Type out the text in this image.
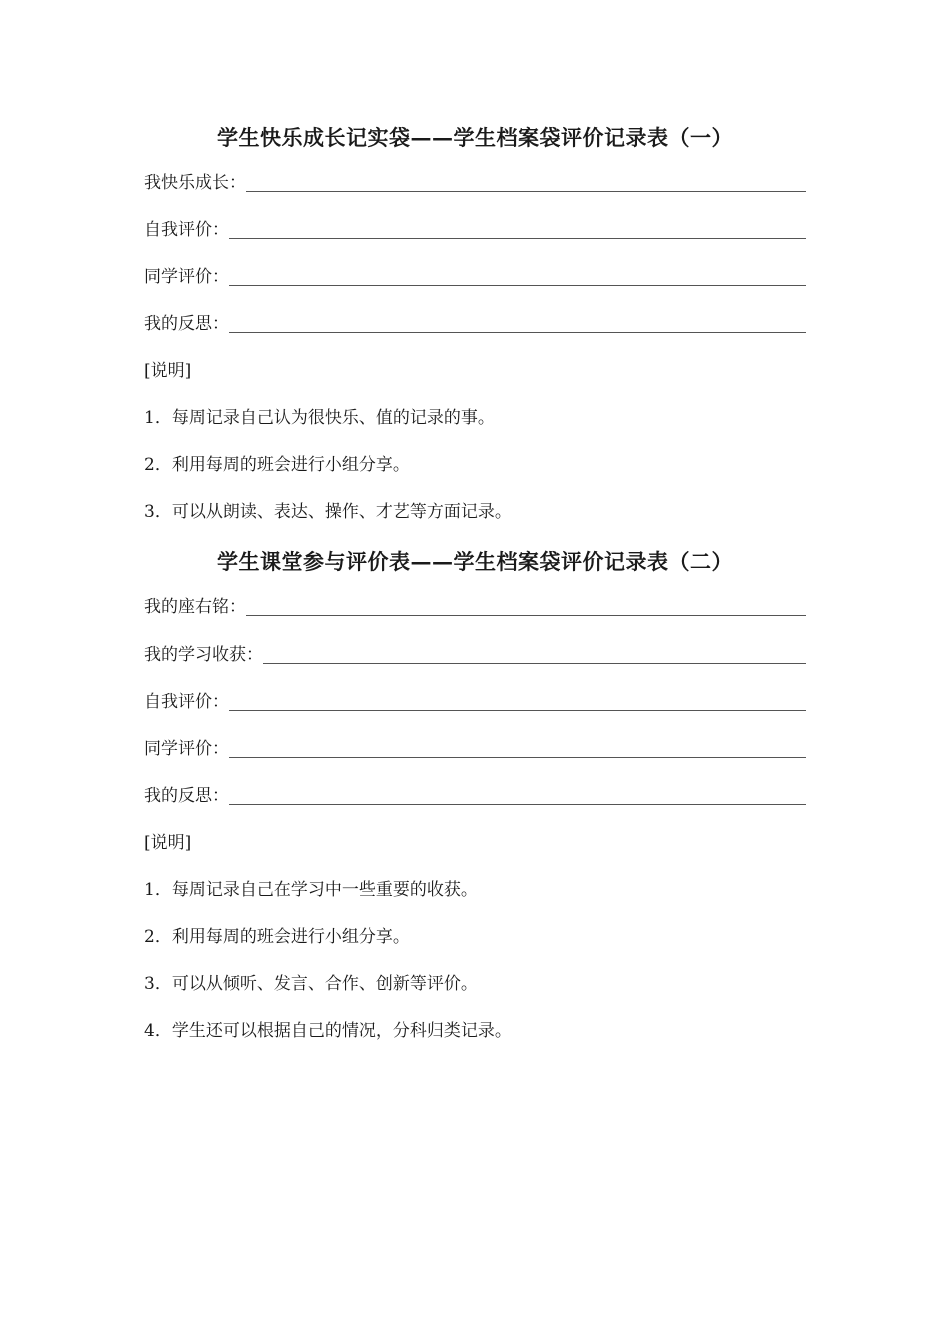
学生快乐成长记实袋——学生档案袋评价记录表（一）
我快乐成长：
自我评价：
同学评价：
我的反思：
[说明]
1．每周记录自己认为很快乐、值的记录的事。
2．利用每周的班会进行小组分享。
3．可以从朗读、表达、操作、才艺等方面记录。
学生课堂参与评价表——学生档案袋评价记录表（二）
我的座右铭：
我的学习收获：
自我评价：
同学评价：
我的反思：
[说明]
1．每周记录自己在学习中一些重要的收获。
2．利用每周的班会进行小组分享。
3．可以从倾听、发言、合作、创新等评价。
4．学生还可以根据自己的情况，分科归类记录。
